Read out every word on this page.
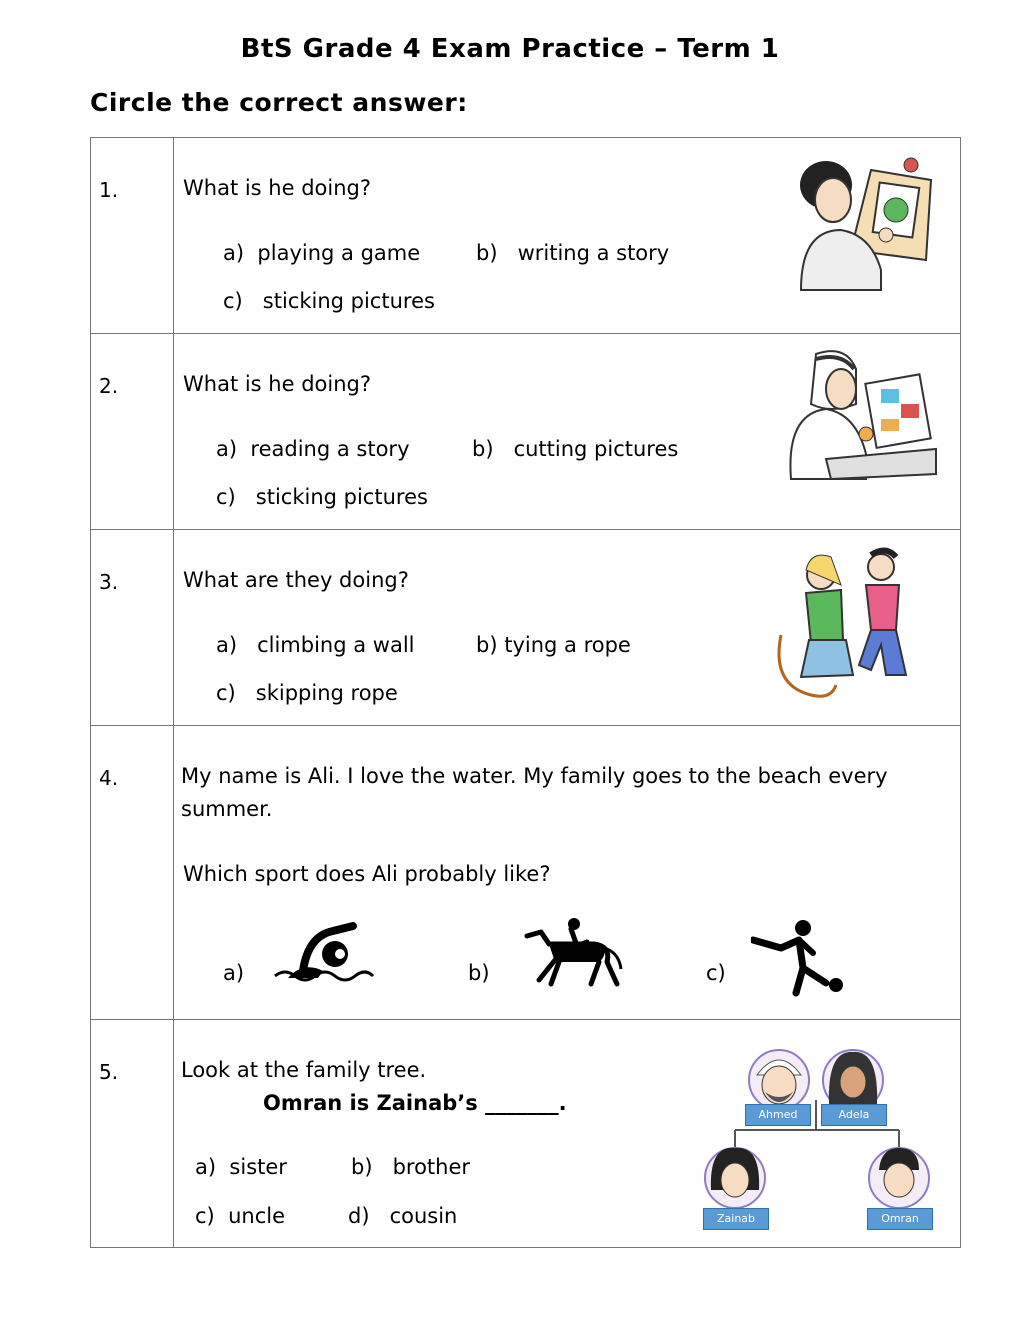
BtS Grade 4 Exam Practice – Term 1
Circle the correct answer:
1.	What is he doing?
a) playing a game	b) writing a story
c) sticking pictures
2.	What is he doing?
a) reading a story	b) cutting pictures
c) sticking pictures
3.	What are they doing?
a) climbing a wall	b) tying a rope
c) skipping rope
4.	My name is Ali. I love the water. My family goes to the beach every
summer.
Which sport does Ali probably like?
a)	b)	c)
5.	Look at the family tree.
Omran is Zainab’s _______.
a) sister	b) brother
c) uncle	d) cousin
Ahmed	Adela
Zainab	Omran
